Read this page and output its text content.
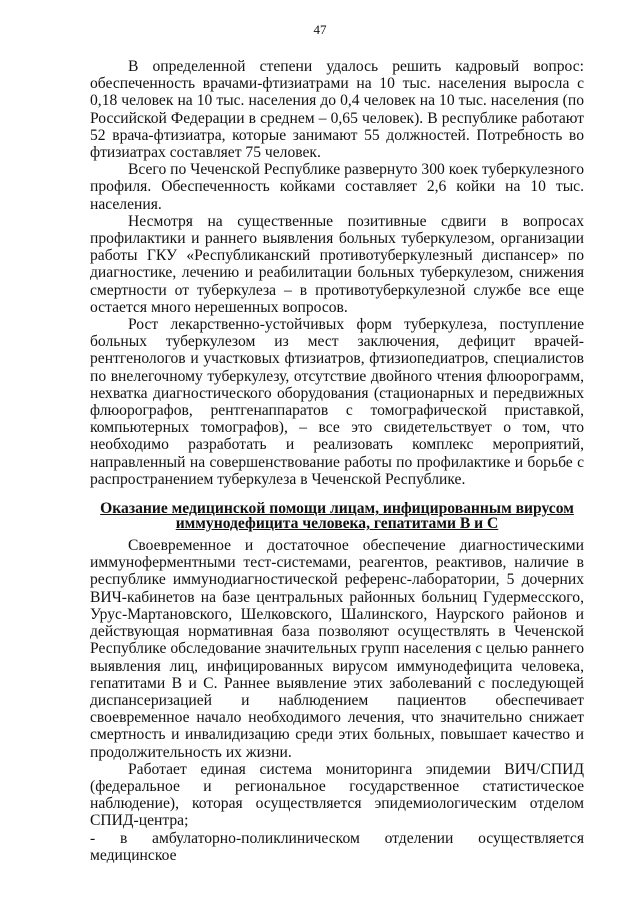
47

В определенной степени удалось решить кадровый вопрос: обеспеченность врачами-фтизиатрами на 10 тыс. населения выросла с 0,18 человек на 10 тыс. населения до 0,4 человек на 10 тыс. населения (по Российской Федерации в среднем – 0,65 человек). В республике работают 52 врача-фтизиатра, которые занимают 55 должностей. Потребность во фтизиатрах составляет 75 человек.

Всего по Чеченской Республике развернуто 300 коек туберкулезного профиля. Обеспеченность койками составляет 2,6 койки на 10 тыс. населения.

Несмотря на существенные позитивные сдвиги в вопросах профилактики и раннего выявления больных туберкулезом, организации работы ГКУ «Республиканский противотуберкулезный диспансер» по диагностике, лечению и реабилитации больных туберкулезом, снижения смертности от туберкулеза – в противотуберкулезной службе все еще остается много нерешенных вопросов.

Рост лекарственно-устойчивых форм туберкулеза, поступление больных туберкулезом из мест заключения, дефицит врачей-рентгенологов и участковых фтизиатров, фтизиопедиатров, специалистов по внелегочному туберкулезу, отсутствие двойного чтения флюорограмм, нехватка диагностического оборудования (стационарных и передвижных флюорографов, рентгенаппаратов с томографической приставкой, компьютерных томографов), – все это свидетельствует о том, что необходимо разработать и реализовать комплекс мероприятий, направленный на совершенствование работы по профилактике и борьбе с распространением туберкулеза в Чеченской Республике.

Оказание медицинской помощи лицам, инфицированным вирусом иммунодефицита человека, гепатитами В и С

Своевременное и достаточное обеспечение диагностическими иммуноферментными тест-системами, реагентов, реактивов, наличие в республике иммунодиагностической референс-лаборатории, 5 дочерних ВИЧ-кабинетов на базе центральных районных больниц Гудермесского, Урус-Мартановского, Шелковского, Шалинского, Наурского районов и действующая нормативная база позволяют осуществлять в Чеченской Республике обследование значительных групп населения с целью раннего выявления лиц, инфицированных вирусом иммунодефицита человека, гепатитами В и С. Раннее выявление этих заболеваний с последующей диспансеризацией и наблюдением пациентов обеспечивает своевременное начало необходимого лечения, что значительно снижает смертность и инвалидизацию среди этих больных, повышает качество и продолжительность их жизни.

Работает единая система мониторинга эпидемии ВИЧ/СПИД (федеральное и региональное государственное статистическое наблюдение), которая осуществляется эпидемиологическим отделом СПИД-центра;

- в амбулаторно-поликлиническом отделении осуществляется медицинское
